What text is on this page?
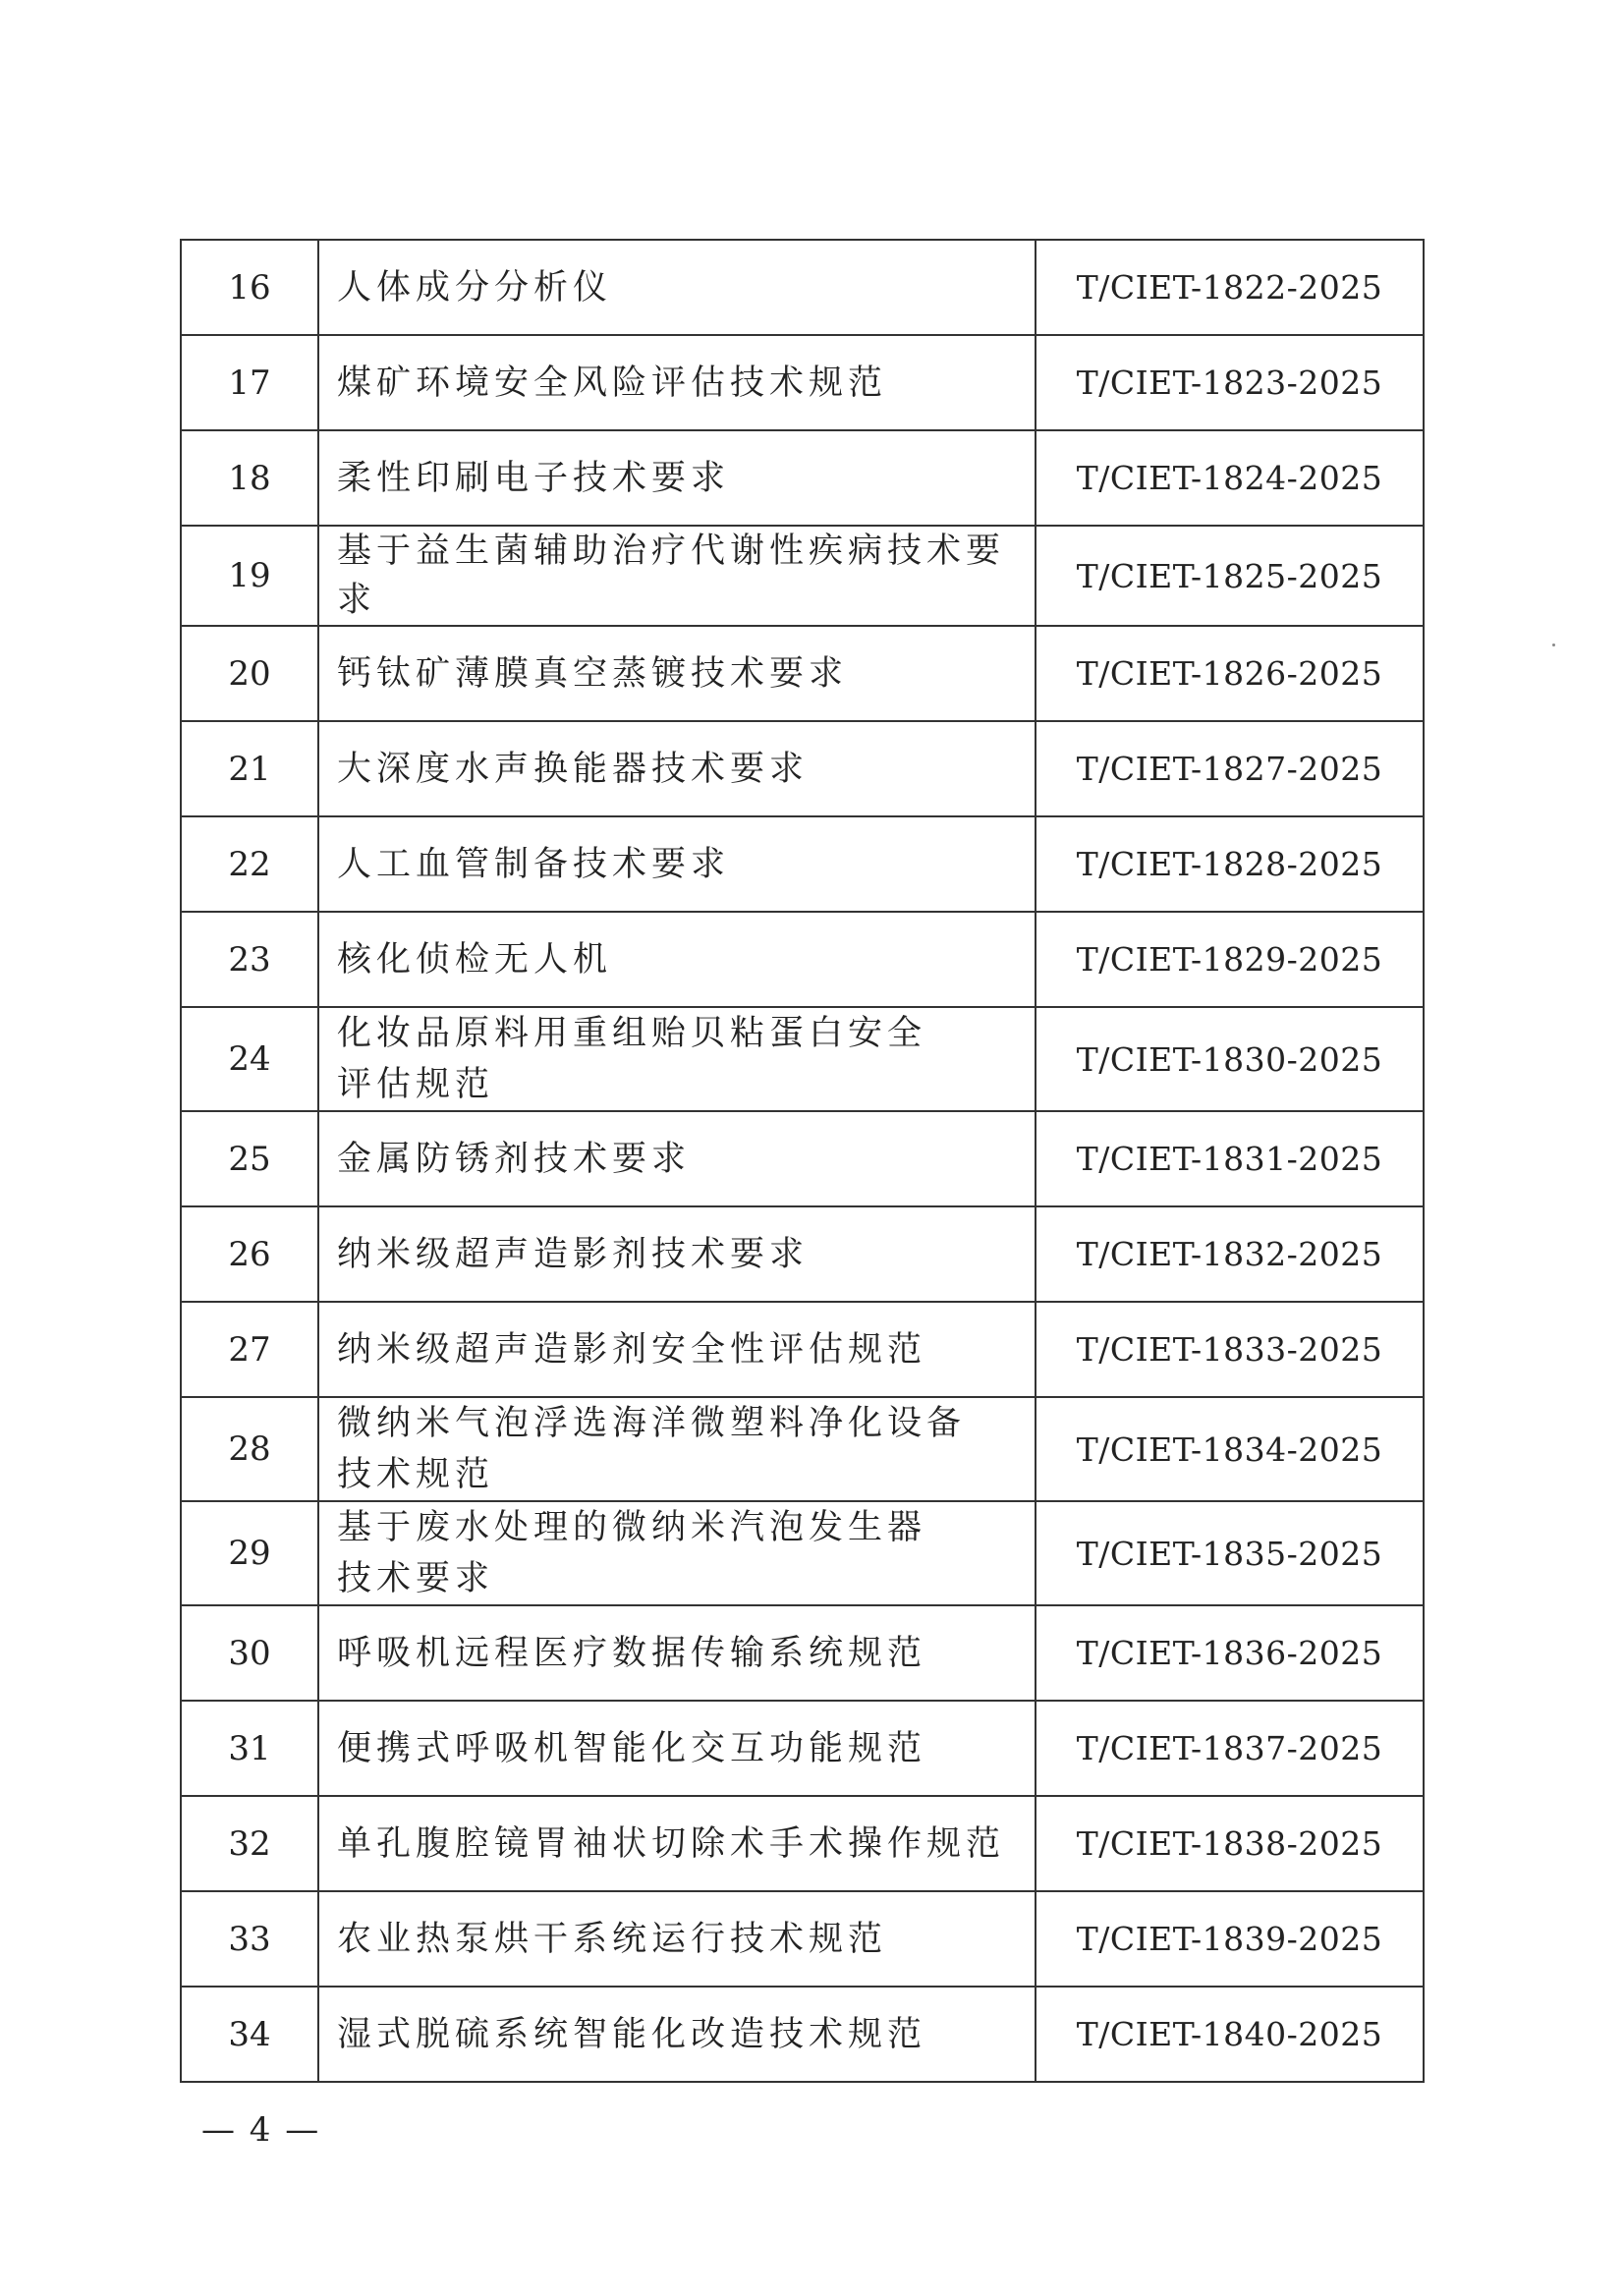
16	人体成分分析仪	T/CIET-1822-2025
17	煤矿环境安全风险评估技术规范	T/CIET-1823-2025
18	柔性印刷电子技术要求	T/CIET-1824-2025
19	基于益生菌辅助治疗代谢性疾病技术要求	T/CIET-1825-2025
20	钙钛矿薄膜真空蒸镀技术要求	T/CIET-1826-2025
21	大深度水声换能器技术要求	T/CIET-1827-2025
22	人工血管制备技术要求	T/CIET-1828-2025
23	核化侦检无人机	T/CIET-1829-2025
24	化妆品原料用重组贻贝粘蛋白安全
评估规范	T/CIET-1830-2025
25	金属防锈剂技术要求	T/CIET-1831-2025
26	纳米级超声造影剂技术要求	T/CIET-1832-2025
27	纳米级超声造影剂安全性评估规范	T/CIET-1833-2025
28	微纳米气泡浮选海洋微塑料净化设备
技术规范	T/CIET-1834-2025
29	基于废水处理的微纳米汽泡发生器
技术要求	T/CIET-1835-2025
30	呼吸机远程医疗数据传输系统规范	T/CIET-1836-2025
31	便携式呼吸机智能化交互功能规范	T/CIET-1837-2025
32	单孔腹腔镜胃袖状切除术手术操作规范	T/CIET-1838-2025
33	农业热泵烘干系统运行技术规范	T/CIET-1839-2025
34	湿式脱硫系统智能化改造技术规范	T/CIET-1840-2025
— 4 —
